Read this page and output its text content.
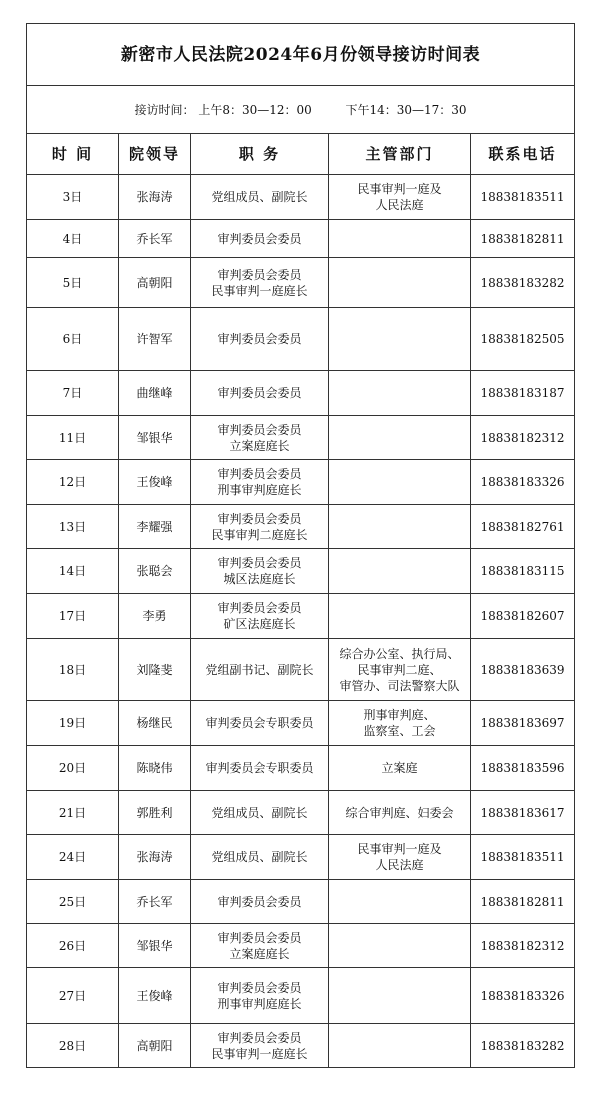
新密市人民法院2024年6月份领导接访时间表				
接访时间： 上午8：30—12：00 下午14：30—17：30				
时 间	院领导	职 务	主管部门	联系电话
3日	张海涛	党组成员、副院长	民事审判一庭及
人民法庭	18838183511
4日	乔长军	审判委员会委员		18838182811
5日	高朝阳	审判委员会委员
民事审判一庭庭长		18838183282
6日	许智军	审判委员会委员		18838182505
7日	曲继峰	审判委员会委员		18838183187
11日	邹银华	审判委员会委员
立案庭庭长		18838182312
12日	王俊峰	审判委员会委员
刑事审判庭庭长		18838183326
13日	李耀强	审判委员会委员
民事审判二庭庭长		18838182761
14日	张聪会	审判委员会委员
城区法庭庭长		18838183115
17日	李勇	审判委员会委员
矿区法庭庭长		18838182607
18日	刘隆斐	党组副书记、副院长	综合办公室、执行局、
民事审判二庭、
审管办、司法警察大队	18838183639
19日	杨继民	审判委员会专职委员	刑事审判庭、
监察室、工会	18838183697
20日	陈晓伟	审判委员会专职委员	立案庭	18838183596
21日	郭胜利	党组成员、副院长	综合审判庭、妇委会	18838183617
24日	张海涛	党组成员、副院长	民事审判一庭及
人民法庭	18838183511
25日	乔长军	审判委员会委员		18838182811
26日	邹银华	审判委员会委员
立案庭庭长		18838182312
27日	王俊峰	审判委员会委员
刑事审判庭庭长		18838183326
28日	高朝阳	审判委员会委员
民事审判一庭庭长		18838183282
